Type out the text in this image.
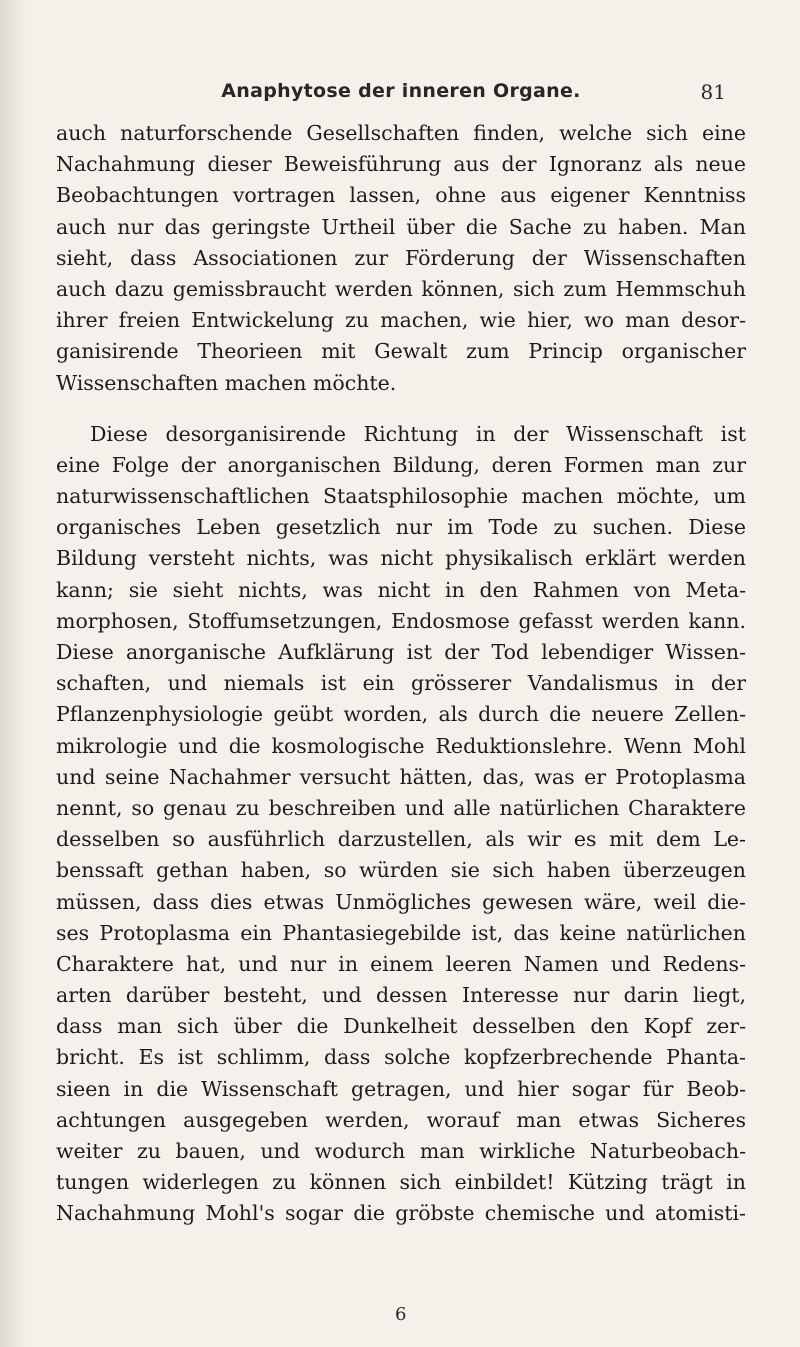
Anaphytose der inneren Organe.	81
auch naturforschende Gesellschaften finden, welche sich eine
Nachahmung dieser Beweisführung aus der Ignoranz als neue
Beobachtungen vortragen lassen, ohne aus eigener Kenntniss
auch nur das geringste Urtheil über die Sache zu haben. Man
sieht, dass Associationen zur Förderung der Wissenschaften
auch dazu gemissbraucht werden können, sich zum Hemmschuh
ihrer freien Entwickelung zu machen, wie hier, wo man desor-
ganisirende Theorieen mit Gewalt zum Princip organischer
Wissenschaften machen möchte.
Diese desorganisirende Richtung in der Wissenschaft ist
eine Folge der anorganischen Bildung, deren Formen man zur
naturwissenschaftlichen Staatsphilosophie machen möchte, um
organisches Leben gesetzlich nur im Tode zu suchen. Diese
Bildung versteht nichts, was nicht physikalisch erklärt werden
kann; sie sieht nichts, was nicht in den Rahmen von Meta-
morphosen, Stoffumsetzungen, Endosmose gefasst werden kann.
Diese anorganische Aufklärung ist der Tod lebendiger Wissen-
schaften, und niemals ist ein grösserer Vandalismus in der
Pflanzenphysiologie geübt worden, als durch die neuere Zellen-
mikrologie und die kosmologische Reduktionslehre. Wenn Mohl
und seine Nachahmer versucht hätten, das, was er Protoplasma
nennt, so genau zu beschreiben und alle natürlichen Charaktere
desselben so ausführlich darzustellen, als wir es mit dem Le-
benssaft gethan haben, so würden sie sich haben überzeugen
müssen, dass dies etwas Unmögliches gewesen wäre, weil die-
ses Protoplasma ein Phantasiegebilde ist, das keine natürlichen
Charaktere hat, und nur in einem leeren Namen und Redens-
arten darüber besteht, und dessen Interesse nur darin liegt,
dass man sich über die Dunkelheit desselben den Kopf zer-
bricht. Es ist schlimm, dass solche kopfzerbrechende Phanta-
sieen in die Wissenschaft getragen, und hier sogar für Beob-
achtungen ausgegeben werden, worauf man etwas Sicheres
weiter zu bauen, und wodurch man wirkliche Naturbeobach-
tungen widerlegen zu können sich einbildet! Kützing trägt in
Nachahmung Mohl's sogar die gröbste chemische und atomisti-
6
